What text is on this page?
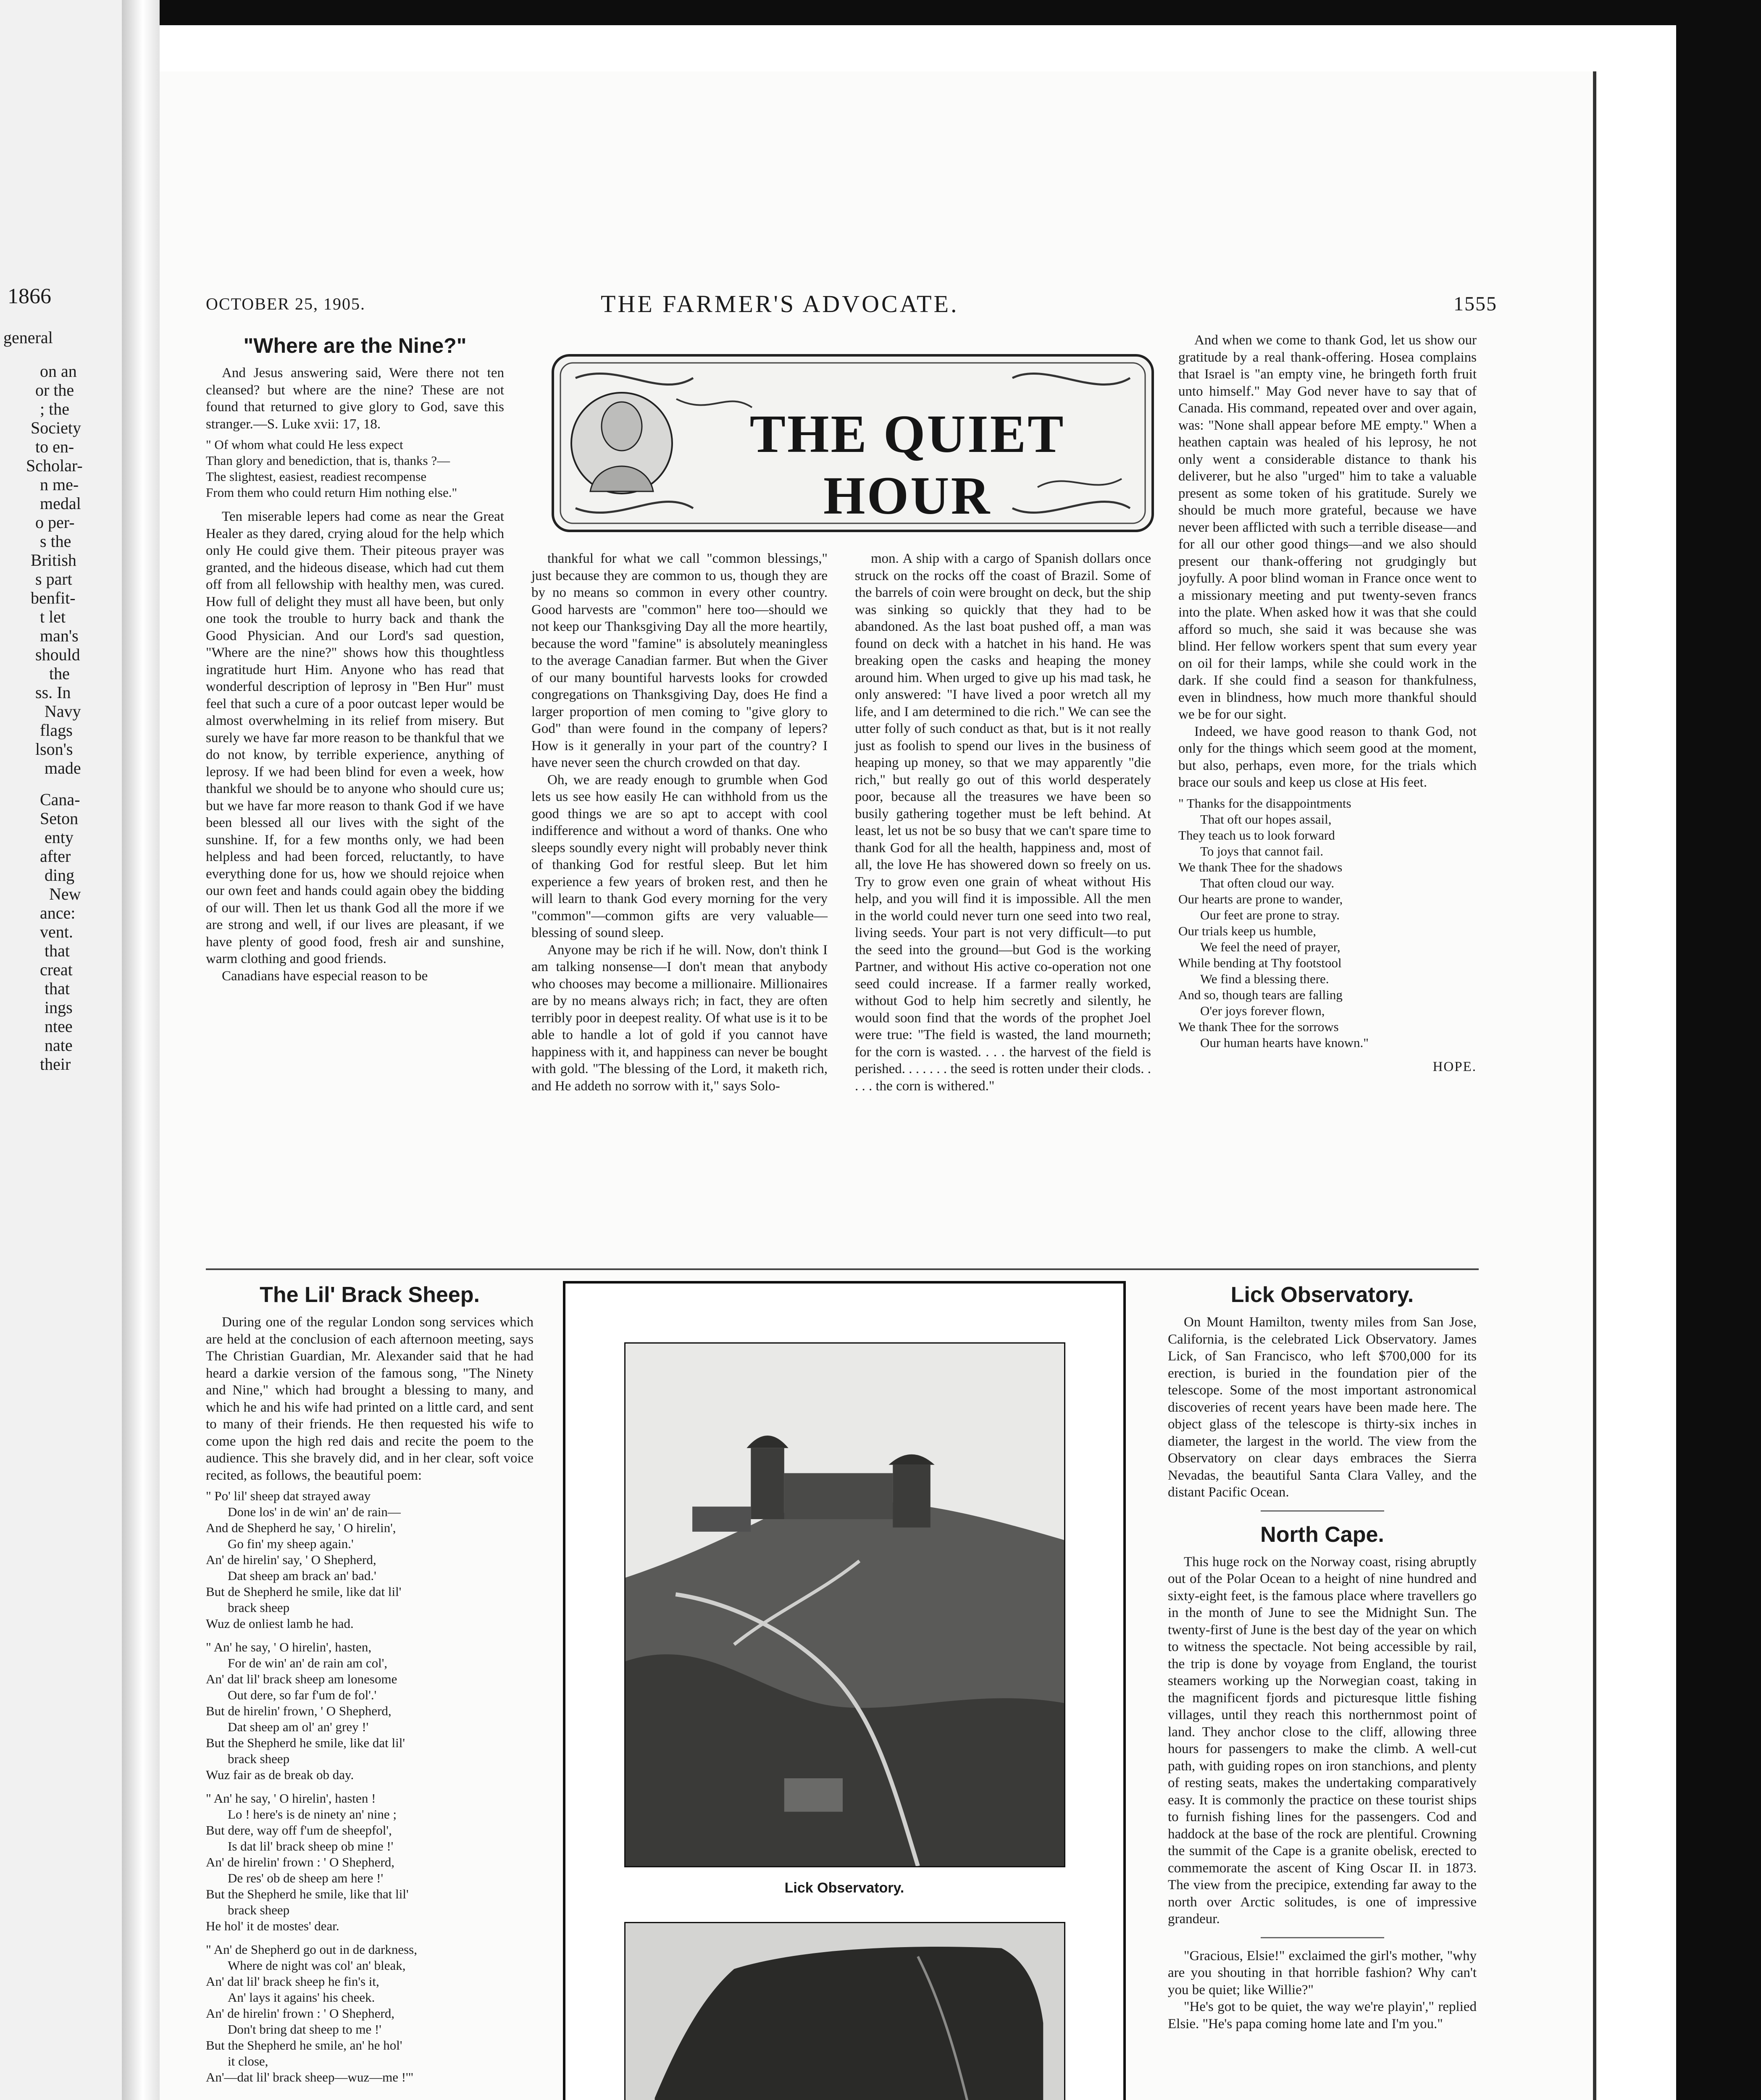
1866
general
on an
or the
; the
Society
to en-
Scholar-
n me-
medal
o per-
s the
British
s part
benfit-
t let
man's
should
the
ss. In
Navy
flags
lson's
made
Cana-
Seton
enty
after
ding
New
ance:
vent.
that
creat
that
ings
ntee
nate
their
OCTOBER 25, 1905.	THE FARMER'S ADVOCATE.	1555
THE QUIET HOUR
"Where are the Nine?"

And Jesus answering said, Were there not ten cleansed? but where are the nine? These are not found that returned to give glory to God, save this stranger.—S. Luke xvii: 17, 18.

" Of whom what could He less expect
Than glory and benediction, that is, thanks ?—
The slightest, easiest, readiest recompense
From them who could return Him nothing else."

Ten miserable lepers had come as near the Great Healer as they dared, crying aloud for the help which only He could give them. Their piteous prayer was granted, and the hideous disease, which had cut them off from all fellowship with healthy men, was cured. How full of delight they must all have been, but only one took the trouble to hurry back and thank the Good Physician. And our Lord's sad question, "Where are the nine?" shows how this thoughtless ingratitude hurt Him. Anyone who has read that wonderful description of leprosy in "Ben Hur" must feel that such a cure of a poor outcast leper would be almost overwhelming in its relief from misery. But surely we have far more reason to be thankful that we do not know, by terrible experience, anything of leprosy. If we had been blind for even a week, how thankful we should be to anyone who should cure us; but we have far more reason to thank God if we have been blessed all our lives with the sight of the sunshine. If, for a few months only, we had been helpless and had been forced, reluctantly, to have everything done for us, how we should rejoice when our own feet and hands could again obey the bidding of our will. Then let us thank God all the more if we are strong and well, if our lives are pleasant, if we have plenty of good food, fresh air and sunshine, warm clothing and good friends.

Canadians have especial reason to be

thankful for what we call "common blessings," just because they are common to us, though they are by no means so common in every other country. Good harvests are "common" here too—should we not keep our Thanksgiving Day all the more heartily, because the word "famine" is absolutely meaningless to the average Canadian farmer. But when the Giver of our many bountiful harvests looks for crowded congregations on Thanksgiving Day, does He find a larger proportion of men coming to "give glory to God" than were found in the company of lepers? How is it generally in your part of the country? I have never seen the church crowded on that day.

Oh, we are ready enough to grumble when God lets us see how easily He can withhold from us the good things we are so apt to accept with cool indifference and without a word of thanks. One who sleeps soundly every night will probably never think of thanking God for restful sleep. But let him experience a few years of broken rest, and then he will learn to thank God every morning for the very "common"—common gifts are very valuable—blessing of sound sleep.

Anyone may be rich if he will. Now, don't think I am talking nonsense—I don't mean that anybody who chooses may become a millionaire. Millionaires are by no means always rich; in fact, they are often terribly poor in deepest reality. Of what use is it to be able to handle a lot of gold if you cannot have happiness with it, and happiness can never be bought with gold. "The blessing of the Lord, it maketh rich, and He addeth no sorrow with it," says Solo-

mon. A ship with a cargo of Spanish dollars once struck on the rocks off the coast of Brazil. Some of the barrels of coin were brought on deck, but the ship was sinking so quickly that they had to be abandoned. As the last boat pushed off, a man was found on deck with a hatchet in his hand. He was breaking open the casks and heaping the money around him. When urged to give up his mad task, he only answered: "I have lived a poor wretch all my life, and I am determined to die rich." We can see the utter folly of such conduct as that, but is it not really just as foolish to spend our lives in the business of heaping up money, so that we may apparently "die rich," but really go out of this world desperately poor, because all the treasures we have been so busily gathering together must be left behind. At least, let us not be so busy that we can't spare time to thank God for all the health, happiness and, most of all, the love He has showered down so freely on us. Try to grow even one grain of wheat without His help, and you will find it is impossible. All the men in the world could never turn one seed into two real, living seeds. Your part is not very difficult—to put the seed into the ground—but God is the working Partner, and without His active co-operation not one seed could increase. If a farmer really worked, without God to help him secretly and silently, he would soon find that the words of the prophet Joel were true: "The field is wasted, the land mourneth; for the corn is wasted. . . . the harvest of the field is perished. . . . . . . the seed is rotten under their clods. . . . . the corn is withered."

And when we come to thank God, let us show our gratitude by a real thank-offering. Hosea complains that Israel is "an empty vine, he bringeth forth fruit unto himself." May God never have to say that of Canada. His command, repeated over and over again, was: "None shall appear before ME empty." When a heathen captain was healed of his leprosy, he not only went a considerable distance to thank his deliverer, but he also "urged" him to take a valuable present as some token of his gratitude. Surely we should be much more grateful, because we have never been afflicted with such a terrible disease—and for all our other good things—and we also should present our thank-offering not grudgingly but joyfully. A poor blind woman in France once went to a missionary meeting and put twenty-seven francs into the plate. When asked how it was that she could afford so much, she said it was because she was blind. Her fellow workers spent that sum every year on oil for their lamps, while she could work in the dark. If she could find a season for thankfulness, even in blindness, how much more thankful should we be for our sight.

Indeed, we have good reason to thank God, not only for the things which seem good at the moment, but also, perhaps, even more, for the trials which brace our souls and keep us close at His feet.

" Thanks for the disappointments
That oft our hopes assail,
They teach us to look forward
To joys that cannot fail.
We thank Thee for the shadows
That often cloud our way.
Our hearts are prone to wander,
Our feet are prone to stray.
Our trials keep us humble,
We feel the need of prayer,
While bending at Thy footstool
We find a blessing there.
And so, though tears are falling
O'er joys forever flown,
We thank Thee for the sorrows
Our human hearts have known."
HOPE.
The Lil' Brack Sheep.

During one of the regular London song services which are held at the conclusion of each afternoon meeting, says The Christian Guardian, Mr. Alexander said that he had heard a darkie version of the famous song, "The Ninety and Nine," which had brought a blessing to many, and which he and his wife had printed on a little card, and sent to many of their friends. He then requested his wife to come upon the high red dais and recite the poem to the audience. This she bravely did, and in her clear, soft voice recited, as follows, the beautiful poem:

" Po' lil' sheep dat strayed away
Done los' in de win' an' de rain—
And de Shepherd he say, ' O hirelin',
Go fin' my sheep again.'
An' de hirelin' say, ' O Shepherd,
Dat sheep am brack an' bad.'
But de Shepherd he smile, like dat lil'
brack sheep
Wuz de onliest lamb he had.
" An' he say, ' O hirelin', hasten,
For de win' an' de rain am col',
An' dat lil' brack sheep am lonesome
Out dere, so far f'um de fol'.'
But de hirelin' frown, ' O Shepherd,
Dat sheep am ol' an' grey !'
But the Shepherd he smile, like dat lil'
brack sheep
Wuz fair as de break ob day.
" An' he say, ' O hirelin', hasten !
Lo ! here's is de ninety an' nine ;
But dere, way off f'um de sheepfol',
Is dat lil' brack sheep ob mine !'
An' de hirelin' frown : ' O Shepherd,
De res' ob de sheep am here !'
But the Shepherd he smile, like that lil'
brack sheep
He hol' it de mostes' dear.
" An' de Shepherd go out in de darkness,
Where de night was col' an' bleak,
An' dat lil' brack sheep he fin's it,
An' lays it agains' his cheek.
An' de hirelin' frown : ' O Shepherd,
Don't bring dat sheep to me !'
But the Shepherd he smile, an' he hol'
it close,
An'—dat lil' brack sheep—wuz—me !'"
Lick Observatory.
Lick Observatory.

On Mount Hamilton, twenty miles from San Jose, California, is the celebrated Lick Observatory. James Lick, of San Francisco, who left $700,000 for its erection, is buried in the foundation pier of the telescope. Some of the most important astronomical discoveries of recent years have been made here. The object glass of the telescope is thirty-six inches in diameter, the largest in the world. The view from the Observatory on clear days embraces the Sierra Nevadas, the beautiful Santa Clara Valley, and the distant Pacific Ocean.

North Cape.

This huge rock on the Norway coast, rising abruptly out of the Polar Ocean to a height of nine hundred and sixty-eight feet, is the famous place where travellers go in the month of June to see the Midnight Sun. The twenty-first of June is the best day of the year on which to witness the spectacle. Not being accessible by rail, the trip is done by voyage from England, the tourist steamers working up the Norwegian coast, taking in the magnificent fjords and picturesque little fishing villages, until they reach this northernmost point of land. They anchor close to the cliff, allowing three hours for passengers to make the climb. A well-cut path, with guiding ropes on iron stanchions, and plenty of resting seats, makes the undertaking comparatively easy. It is commonly the practice on these tourist ships to furnish fishing lines for the passengers. Cod and haddock at the base of the rock are plentiful. Crowning the summit of the Cape is a granite obelisk, erected to commemorate the ascent of King Oscar II. in 1873. The view from the precipice, extending far away to the north over Arctic solitudes, is one of impressive grandeur.

"Gracious, Elsie!" exclaimed the girl's mother, "why are you shouting in that horrible fashion? Why can't you be quiet; like Willie?"

"He's got to be quiet, the way we're playin'," replied Elsie. "He's papa coming home late and I'm you."
